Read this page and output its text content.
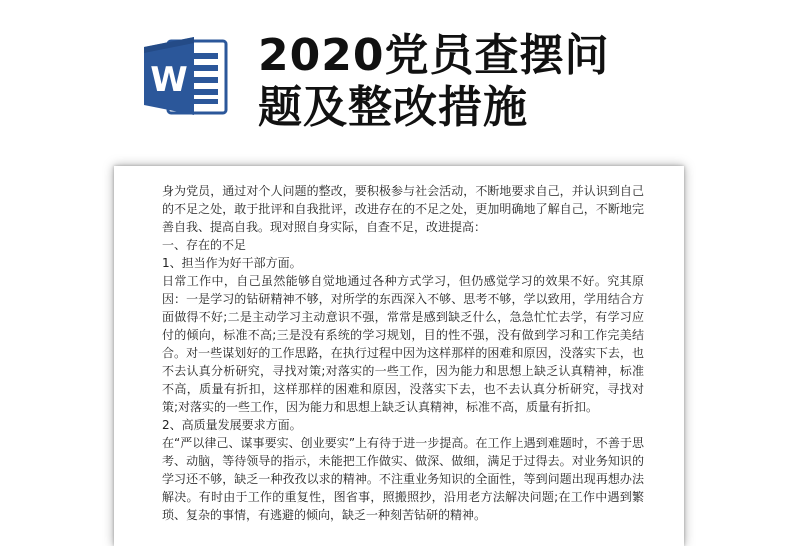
W 2020党员查摆问
题及整改措施

身为党员，通过对个人问题的整改，要积极参与社会活动，不断地要求自己，并认识到自己的不足之处，敢于批评和自我批评，改进存在的不足之处，更加明确地了解自己，不断地完善自我、提高自我。现对照自身实际，自查不足，改进提高：

一、存在的不足

1、担当作为好干部方面。

日常工作中，自己虽然能够自觉地通过各种方式学习，但仍感觉学习的效果不好。究其原因：一是学习的钻研精神不够，对所学的东西深入不够、思考不够，学以致用，学用结合方面做得不好;二是主动学习主动意识不强，常常是感到缺乏什么，急急忙忙去学，有学习应付的倾向，标准不高;三是没有系统的学习规划，目的性不强，没有做到学习和工作完美结合。对一些谋划好的工作思路，在执行过程中因为这样那样的困难和原因，没落实下去，也不去认真分析研究，寻找对策;对落实的一些工作，因为能力和思想上缺乏认真精神，标准不高，质量有折扣，这样那样的困难和原因，没落实下去，也不去认真分析研究，寻找对策;对落实的一些工作，因为能力和思想上缺乏认真精神，标准不高，质量有折扣。

2、高质量发展要求方面。

在“严以律己、谋事要实、创业要实”上有待于进一步提高。在工作上遇到难题时，不善于思考、动脑，等待领导的指示，未能把工作做实、做深、做细，满足于过得去。对业务知识的学习还不够，缺乏一种孜孜以求的精神。不注重业务知识的全面性，等到问题出现再想办法解决。有时由于工作的重复性，图省事，照搬照抄，沿用老方法解决问题;在工作中遇到繁琐、复杂的事情，有逃避的倾向，缺乏一种刻苦钻研的精神。
